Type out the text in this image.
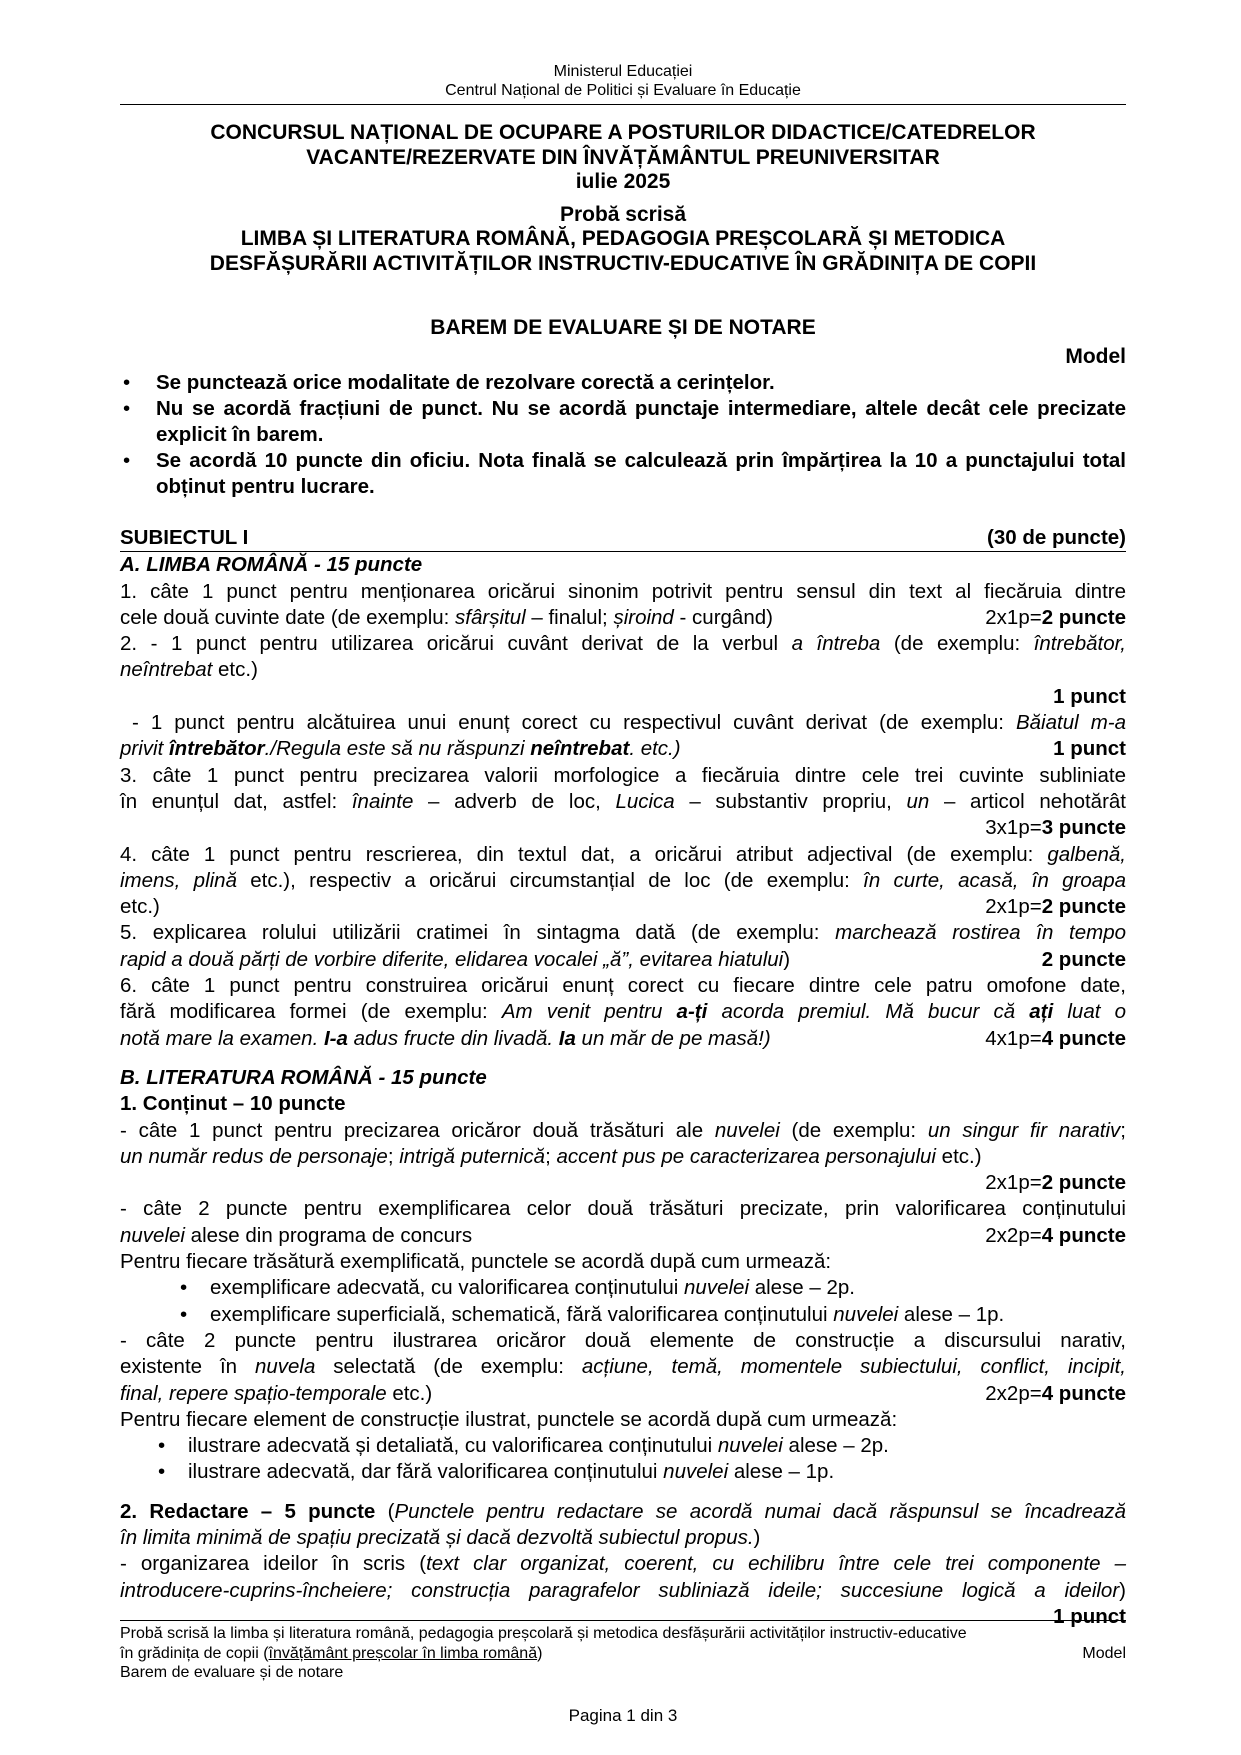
Ministerul Educației
Centrul Național de Politici și Evaluare în Educație
CONCURSUL NAȚIONAL DE OCUPARE A POSTURILOR DIDACTICE/CATEDRELOR
VACANTE/REZERVATE DIN ÎNVĂȚĂMÂNTUL PREUNIVERSITAR
iulie 2025
Probă scrisă
LIMBA ȘI LITERATURA ROMÂNĂ, PEDAGOGIA PREȘCOLARĂ ȘI METODICA
DESFĂȘURĂRII ACTIVITĂȚILOR INSTRUCTIV-EDUCATIVE ÎN GRĂDINIȚA DE COPII
BAREM DE EVALUARE ȘI DE NOTARE
Model
• Se punctează orice modalitate de rezolvare corectă a cerințelor.
• Nu se acordă fracțiuni de punct. Nu se acordă punctaje intermediare, altele decât cele precizate explicit în barem.
• Se acordă 10 puncte din oficiu. Nota finală se calculează prin împărțirea la 10 a punctajului total obținut pentru lucrare.
SUBIECTUL I	(30 de puncte)
A. LIMBA ROMÂNĂ - 15 puncte
1. câte 1 punct pentru menționarea oricărui sinonim potrivit pentru sensul din text al fiecăruia dintre
cele două cuvinte date (de exemplu: sfârșitul – finalul; șiroind - curgând)	2x1p=2 puncte
2. - 1 punct pentru utilizarea oricărui cuvânt derivat de la verbul a întreba (de exemplu: întrebător,
neîntrebat etc.)
1 punct
- 1 punct pentru alcătuirea unui enunț corect cu respectivul cuvânt derivat (de exemplu: Băiatul m-a
privit întrebător./Regula este să nu răspunzi neîntrebat. etc.)	1 punct
3. câte 1 punct pentru precizarea valorii morfologice a fiecăruia dintre cele trei cuvinte subliniate
în enunțul dat, astfel: înainte – adverb de loc, Lucica – substantiv propriu, un – articol nehotărât
3x1p=3 puncte
4. câte 1 punct pentru rescrierea, din textul dat, a oricărui atribut adjectival (de exemplu: galbenă,
imens, plină etc.), respectiv a oricărui circumstanțial de loc (de exemplu: în curte, acasă, în groapa
etc.)	2x1p=2 puncte
5. explicarea rolului utilizării cratimei în sintagma dată (de exemplu: marchează rostirea în tempo
rapid a două părți de vorbire diferite, elidarea vocalei „ă”, evitarea hiatului)	2 puncte
6. câte 1 punct pentru construirea oricărui enunț corect cu fiecare dintre cele patru omofone date,
fără modificarea formei (de exemplu: Am venit pentru a-ți acorda premiul. Mă bucur că ați luat o
notă mare la examen. I-a adus fructe din livadă. Ia un măr de pe masă!)	4x1p=4 puncte
B. LITERATURA ROMÂNĂ - 15 puncte
1. Conținut – 10 puncte
- câte 1 punct pentru precizarea oricăror două trăsături ale nuvelei (de exemplu: un singur fir narativ;
un număr redus de personaje; intrigă puternică; accent pus pe caracterizarea personajului etc.)
2x1p=2 puncte
- câte 2 puncte pentru exemplificarea celor două trăsături precizate, prin valorificarea conținutului
nuvelei alese din programa de concurs	2x2p=4 puncte
Pentru fiecare trăsătură exemplificată, punctele se acordă după cum urmează:
• exemplificare adecvată, cu valorificarea conținutului nuvelei alese – 2p.
• exemplificare superficială, schematică, fără valorificarea conținutului nuvelei alese – 1p.
- câte 2 puncte pentru ilustrarea oricăror două elemente de construcție a discursului narativ,
existente în nuvela selectată (de exemplu: acțiune, temă, momentele subiectului, conflict, incipit,
final, repere spațio-temporale etc.)	2x2p=4 puncte
Pentru fiecare element de construcție ilustrat, punctele se acordă după cum urmează:
• ilustrare adecvată și detaliată, cu valorificarea conținutului nuvelei alese – 2p.
• ilustrare adecvată, dar fără valorificarea conținutului nuvelei alese – 1p.
2. Redactare – 5 puncte (Punctele pentru redactare se acordă numai dacă răspunsul se încadrează
în limita minimă de spațiu precizată și dacă dezvoltă subiectul propus.)
- organizarea ideilor în scris (text clar organizat, coerent, cu echilibru între cele trei componente –
introducere-cuprins-încheiere; construcția paragrafelor subliniază ideile; succesiune logică a ideilor)
1 punct
Probă scrisă la limba și literatura română, pedagogia preșcolară și metodica desfășurării activităților instructiv-educative
în grădinița de copii (învățământ preșcolar în limba română)	Model
Barem de evaluare și de notare
Pagina 1 din 3
